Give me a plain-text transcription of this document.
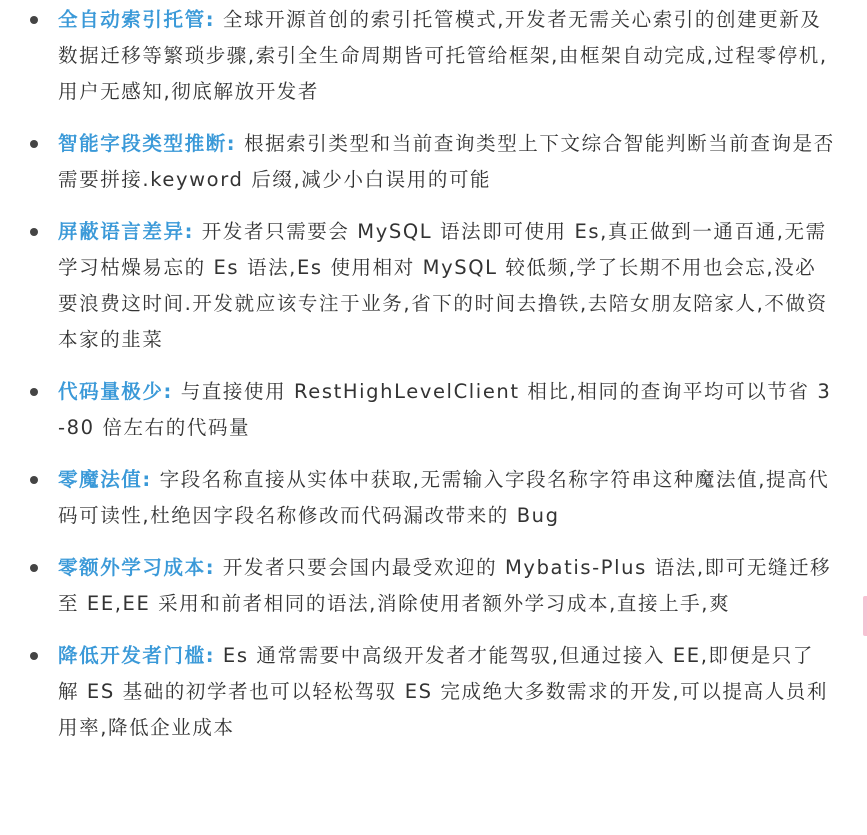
全自动索引托管: 全球开源首创的索引托管模式,开发者无需关心索引的创建更新及数据迁移等繁琐步骤,索引全生命周期皆可托管给框架,由框架自动完成,过程零停机,用户无感知,彻底解放开发者
智能字段类型推断: 根据索引类型和当前查询类型上下文综合智能判断当前查询是否需要拼接.keyword 后缀,减少小白误用的可能
屏蔽语言差异: 开发者只需要会 MySQL 语法即可使用 Es,真正做到一通百通,无需学习枯燥易忘的 Es 语法,Es 使用相对 MySQL 较低频,学了长期不用也会忘,没必要浪费这时间.开发就应该专注于业务,省下的时间去撸铁,去陪女朋友陪家人,不做资本家的韭菜
代码量极少: 与直接使用 RestHighLevelClient 相比,相同的查询平均可以节省 3-80 倍左右的代码量
零魔法值: 字段名称直接从实体中获取,无需输入字段名称字符串这种魔法值,提高代码可读性,杜绝因字段名称修改而代码漏改带来的 Bug
零额外学习成本: 开发者只要会国内最受欢迎的 Mybatis-Plus 语法,即可无缝迁移至 EE,EE 采用和前者相同的语法,消除使用者额外学习成本,直接上手,爽
降低开发者门槛: Es 通常需要中高级开发者才能驾驭,但通过接入 EE,即便是只了解 ES 基础的初学者也可以轻松驾驭 ES 完成绝大多数需求的开发,可以提高人员利用率,降低企业成本
